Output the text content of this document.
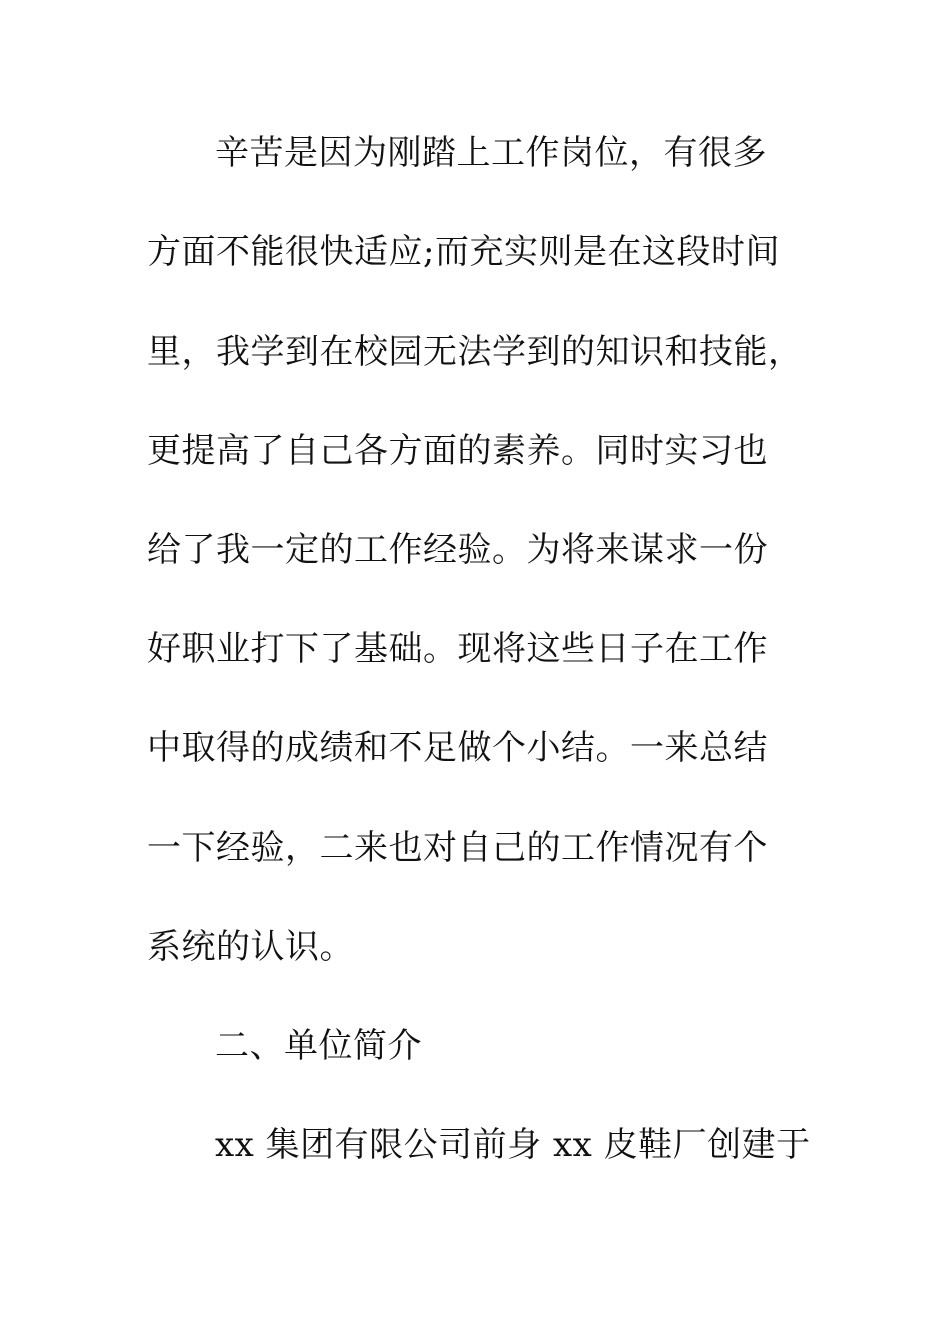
辛苦是因为刚踏上工作岗位，有很多
方面不能很快适应;而充实则是在这段时间
里，我学到在校园无法学到的知识和技能，
更提高了自己各方面的素养。同时实习也
给了我一定的工作经验。为将来谋求一份
好职业打下了基础。现将这些日子在工作
中取得的成绩和不足做个小结。一来总结
一下经验，二来也对自己的工作情况有个
系统的认识。
二、单位简介
xx 集团有限公司前身 xx 皮鞋厂创建于
